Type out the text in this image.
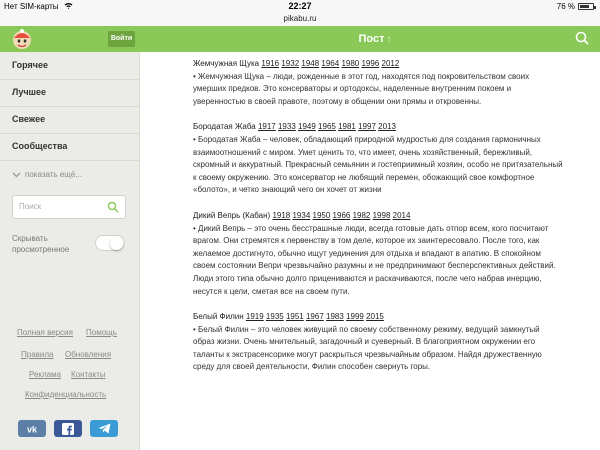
Нет SIM-карты	22:27	76 %
pikabu.ru
Войти	Пост ↑
Горячее
Лучшее
Свежее
Сообщества
показать ещё...
Поиск
Скрывать просмотренное
Полная версия Помощь
Правила Обновления
Реклама Контакты
Конфиденциальность
vk
Жемчужная Щука 1916 1932 1948 1964 1980 1996 2012
• Жемчужная Щука – люди, рожденные в этот год, находятся под покровительством своих умерших предков. Это консерваторы и ортодоксы, наделенные внутренним покоем и уверенностью в своей правоте, поэтому в общении они прямы и откровенны.
Бородатая Жаба 1917 1933 1949 1965 1981 1997 2013
• Бородатая Жаба – человек, обладающий природной мудростью для создания гармоничных взаимоотношений с миром. Умет ценить то, что имеет, очень хозяйственный, бережливый, скромный и аккуратный. Прекрасный семьянин и гостеприимный хозяин, особо не притязательный к своему окружению. Это консерватор не любящий перемен, обожающий свое комфортное «болото», и четко знающий чего он хочет от жизни
Дикий Вепрь (Кабан) 1918 1934 1950 1966 1982 1998 2014
• Дикий Вепрь – это очень бесстрашные люди, всегда готовые дать отпор всем, кого посчитают врагом. Они стремятся к первенству в том деле, которое их заинтересовало. После того, как желаемое достигнуто, обычно ищут уединения для отдыха и впадают в апатию. В спокойном своем состоянии Вепри чрезвычайно разумны и не предпринимают бесперспективных действий. Люди этого типа обычно долго прицениваются и раскачиваются, после чего набрав инерцию, несутся к цели, сметая все на своем пути.
Белый Филин 1919 1935 1951 1967 1983 1999 2015
• Белый Филин – это человек живущий по своему собственному режиму, ведущий замкнутый образ жизни. Очень мнительный, загадочный и суеверный. В благоприятном окружении его таланты к экстрасенсорике могут раскрыться чрезвычайным образом. Найдя дружественную среду для своей деятельности, Филин способен свернуть горы.
